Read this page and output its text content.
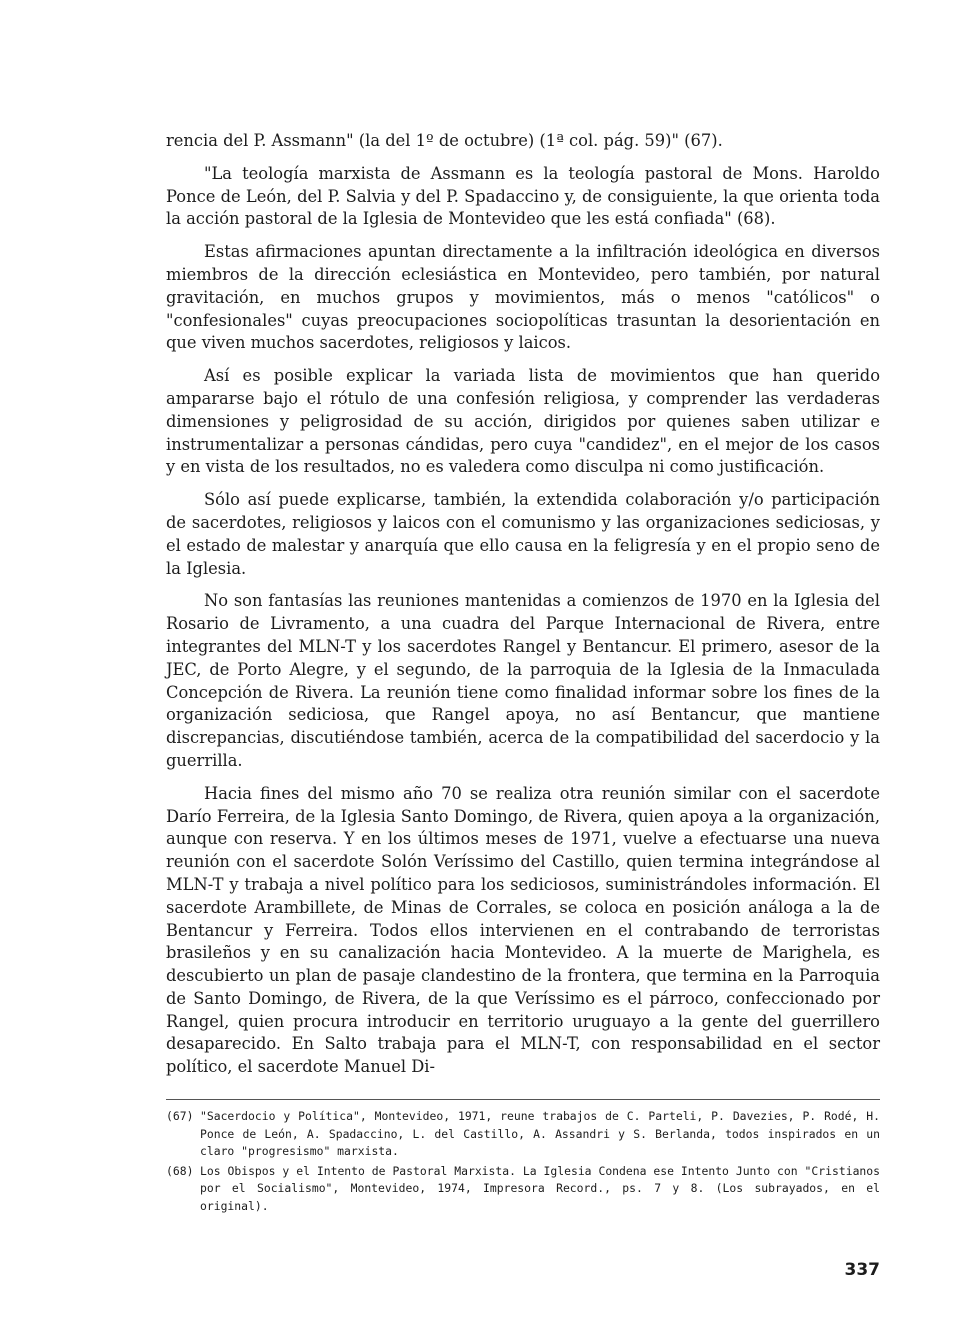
rencia del P. Assmann" (la del 1º de octubre) (1ª col. pág. 59)" (67).

"La teología marxista de Assmann es la teología pastoral de Mons. Haroldo Ponce de León, del P. Salvia y del P. Spadaccino y, de consiguiente, la que orienta toda la acción pastoral de la Iglesia de Montevideo que les está confiada" (68).

Estas afirmaciones apuntan directamente a la infiltración ideológica en diversos miembros de la dirección eclesiástica en Montevideo, pero también, por natural gravitación, en muchos grupos y movimientos, más o menos "católicos" o "confesionales" cuyas preocupaciones sociopolíticas trasuntan la desorientación en que viven muchos sacerdotes, religiosos y laicos.

Así es posible explicar la variada lista de movimientos que han querido ampararse bajo el rótulo de una confesión religiosa, y comprender las verdaderas dimensiones y peligrosidad de su acción, dirigidos por quienes saben utilizar e instrumentalizar a personas cándidas, pero cuya "candidez", en el mejor de los casos y en vista de los resultados, no es valedera como disculpa ni como justificación.

Sólo así puede explicarse, también, la extendida colaboración y/o participación de sacerdotes, religiosos y laicos con el comunismo y las organizaciones sediciosas, y el estado de malestar y anarquía que ello causa en la feligresía y en el propio seno de la Iglesia.

No son fantasías las reuniones mantenidas a comienzos de 1970 en la Iglesia del Rosario de Livramento, a una cuadra del Parque Internacional de Rivera, entre integrantes del MLN-T y los sacerdotes Rangel y Bentancur. El primero, asesor de la JEC, de Porto Alegre, y el segundo, de la parroquia de la Iglesia de la Inmaculada Concepción de Rivera. La reunión tiene como finalidad informar sobre los fines de la organización sediciosa, que Rangel apoya, no así Bentancur, que mantiene discrepancias, discutiéndose también, acerca de la compatibilidad del sacerdocio y la guerrilla.

Hacia fines del mismo año 70 se realiza otra reunión similar con el sacerdote Darío Ferreira, de la Iglesia Santo Domingo, de Rivera, quien apoya a la organización, aunque con reserva. Y en los últimos meses de 1971, vuelve a efectuarse una nueva reunión con el sacerdote Solón Veríssimo del Castillo, quien termina integrándose al MLN-T y trabaja a nivel político para los sediciosos, suministrándoles información. El sacerdote Arambillete, de Minas de Corrales, se coloca en posición análoga a la de Bentancur y Ferreira. Todos ellos intervienen en el contrabando de terroristas brasileños y en su canalización hacia Montevideo. A la muerte de Marighela, es descubierto un plan de pasaje clandestino de la frontera, que termina en la Parroquia de Santo Domingo, de Rivera, de la que Veríssimo es el párroco, confeccionado por Rangel, quien procura introducir en territorio uruguayo a la gente del guerrillero desaparecido. En Salto trabaja para el MLN-T, con responsabilidad en el sector político, el sacerdote Manuel Di-

(67) "Sacerdocio y Política", Montevideo, 1971, reune trabajos de C. Parteli, P. Davezies, P. Rodé, H. Ponce de León, A. Spadaccino, L. del Castillo, A. Assandri y S. Berlanda, todos inspirados en un claro "progresismo" marxista.
(68) Los Obispos y el Intento de Pastoral Marxista. La Iglesia Condena ese Intento Junto con "Cristianos por el Socialismo", Montevideo, 1974, Impresora Record., ps. 7 y 8. (Los subrayados, en el original).
337
